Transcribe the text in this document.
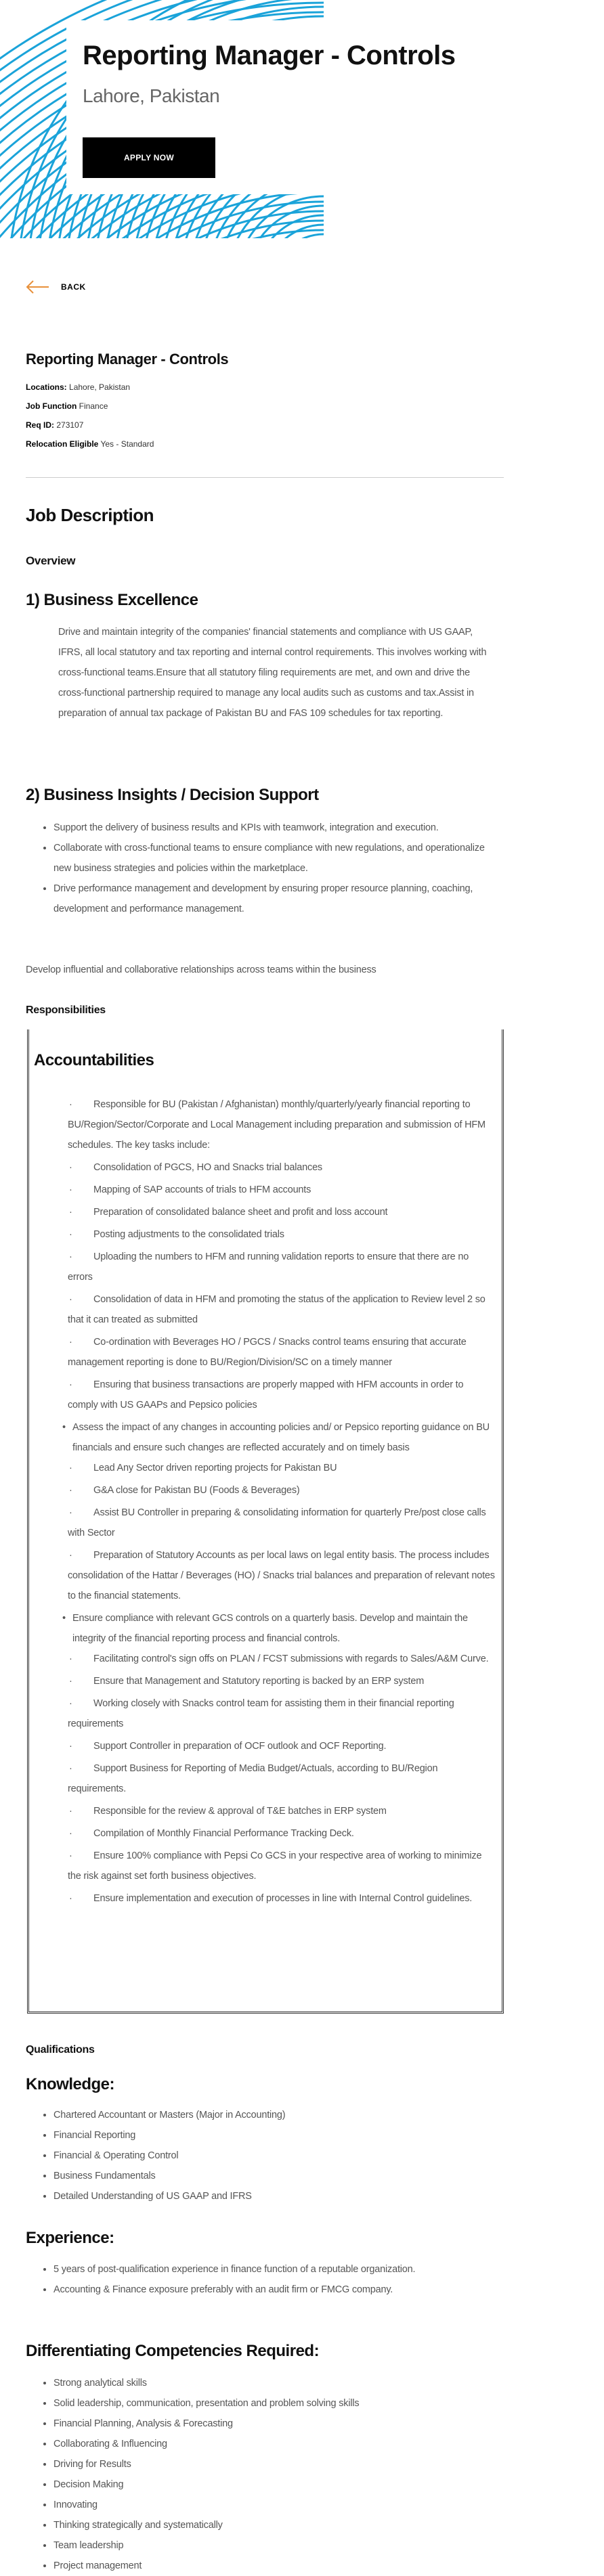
Reporting Manager - Controls
Lahore, Pakistan
APPLY NOW
BACK
Reporting Manager - Controls
Locations: Lahore, Pakistan
Job Function Finance
Req ID: 273107
Relocation Eligible Yes - Standard
Job Description
Overview
1) Business Excellence

Drive and maintain integrity of the companies' financial statements and compliance with US GAAP, IFRS, all local statutory and tax reporting and internal control requirements. This involves working with cross-functional teams.Ensure that all statutory filing requirements are met, and own and drive the cross-functional partnership required to manage any local audits such as customs and tax.Assist in preparation of annual tax package of Pakistan BU and FAS 109 schedules for tax reporting.

2) Business Insights / Decision Support
• Support the delivery of business results and KPIs with teamwork, integration and execution.
• Collaborate with cross-functional teams to ensure compliance with new regulations, and operationalize new business strategies and policies within the marketplace.
• Drive performance management and development by ensuring proper resource planning, coaching, development and performance management.

Develop influential and collaborative relationships across teams within the business

Responsibilities
Accountabilities
· Responsible for BU (Pakistan / Afghanistan) monthly/quarterly/yearly financial reporting to BU/Region/Sector/Corporate and Local Management including preparation and submission of HFM schedules. The key tasks include:
· Consolidation of PGCS, HO and Snacks trial balances
· Mapping of SAP accounts of trials to HFM accounts
· Preparation of consolidated balance sheet and profit and loss account
· Posting adjustments to the consolidated trials
· Uploading the numbers to HFM and running validation reports to ensure that there are no errors
· Consolidation of data in HFM and promoting the status of the application to Review level 2 so that it can treated as submitted
· Co-ordination with Beverages HO / PGCS / Snacks control teams ensuring that accurate management reporting is done to BU/Region/Division/SC on a timely manner
· Ensuring that business transactions are properly mapped with HFM accounts in order to comply with US GAAPs and Pepsico policies
• Assess the impact of any changes in accounting policies and/ or Pepsico reporting guidance on BU financials and ensure such changes are reflected accurately and on timely basis
· Lead Any Sector driven reporting projects for Pakistan BU
· G&A close for Pakistan BU (Foods & Beverages)
· Assist BU Controller in preparing & consolidating information for quarterly Pre/post close calls with Sector
· Preparation of Statutory Accounts as per local laws on legal entity basis. The process includes consolidation of the Hattar / Beverages (HO) / Snacks trial balances and preparation of relevant notes to the financial statements.
• Ensure compliance with relevant GCS controls on a quarterly basis. Develop and maintain the integrity of the financial reporting process and financial controls.
· Facilitating control's sign offs on PLAN / FCST submissions with regards to Sales/A&M Curve.
· Ensure that Management and Statutory reporting is backed by an ERP system
· Working closely with Snacks control team for assisting them in their financial reporting requirements
· Support Controller in preparation of OCF outlook and OCF Reporting.
· Support Business for Reporting of Media Budget/Actuals, according to BU/Region requirements.
· Responsible for the review & approval of T&E batches in ERP system
· Compilation of Monthly Financial Performance Tracking Deck.
· Ensure 100% compliance with Pepsi Co GCS in your respective area of working to minimize the risk against set forth business objectives.
· Ensure implementation and execution of processes in line with Internal Control guidelines.
Qualifications
Knowledge:
• Chartered Accountant or Masters (Major in Accounting)
• Financial Reporting
• Financial & Operating Control
• Business Fundamentals
• Detailed Understanding of US GAAP and IFRS
Experience:
• 5 years of post-qualification experience in finance function of a reputable organization.
• Accounting & Finance exposure preferably with an audit firm or FMCG company.
Differentiating Competencies Required:
• Strong analytical skills
• Solid leadership, communication, presentation and problem solving skills
• Financial Planning, Analysis & Forecasting
• Collaborating & Influencing
• Driving for Results
• Decision Making
• Innovating
• Thinking strategically and systematically
• Team leadership
• Project management
